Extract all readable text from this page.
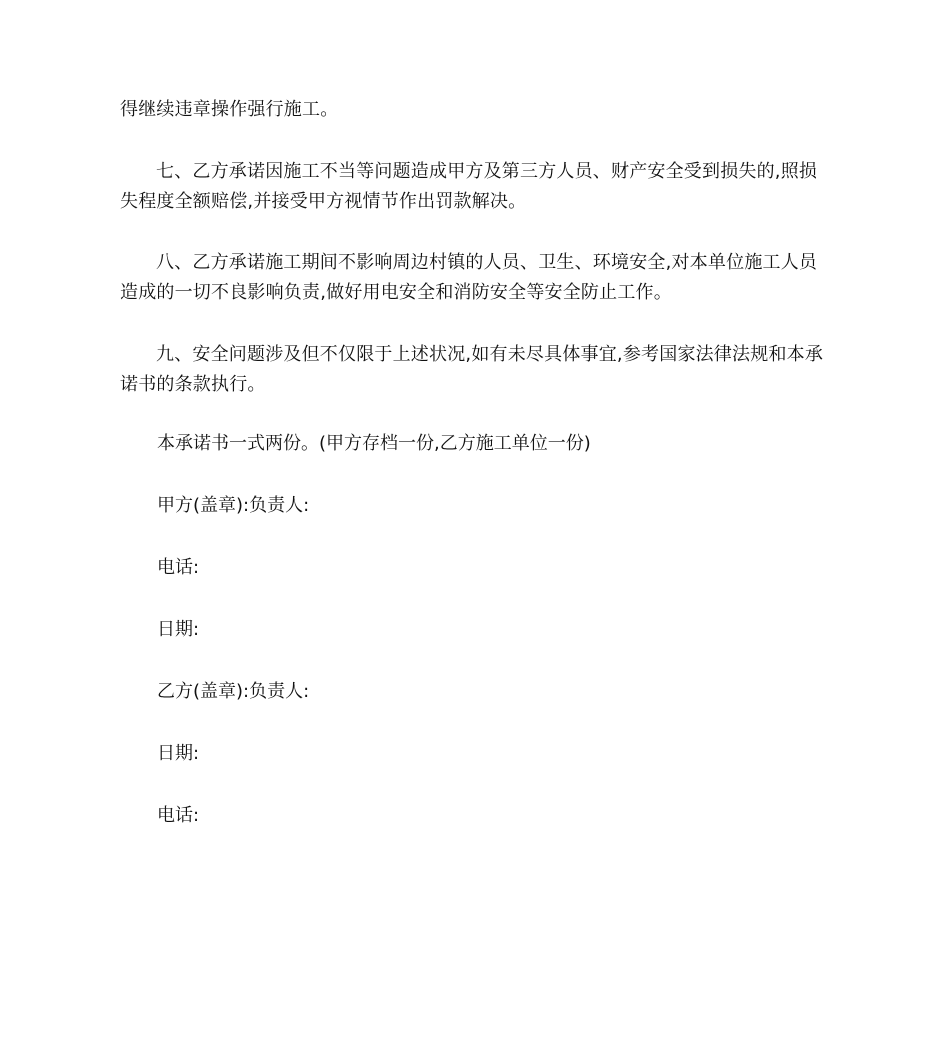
得继续违章操作强行施工。
七、乙方承诺因施工不当等问题造成甲方及第三方人员、财产安全受到损失的,照损失程度全额赔偿,并接受甲方视情节作出罚款解决。
八、乙方承诺施工期间不影响周边村镇的人员、卫生、环境安全,对本单位施工人员造成的一切不良影响负责,做好用电安全和消防安全等安全防止工作。
九、安全问题涉及但不仅限于上述状况,如有未尽具体事宜,参考国家法律法规和本承诺书的条款执行。
本承诺书一式两份。(甲方存档一份,乙方施工单位一份)
甲方(盖章):负责人:
电话:
日期:
乙方(盖章):负责人:
日期:
电话:
